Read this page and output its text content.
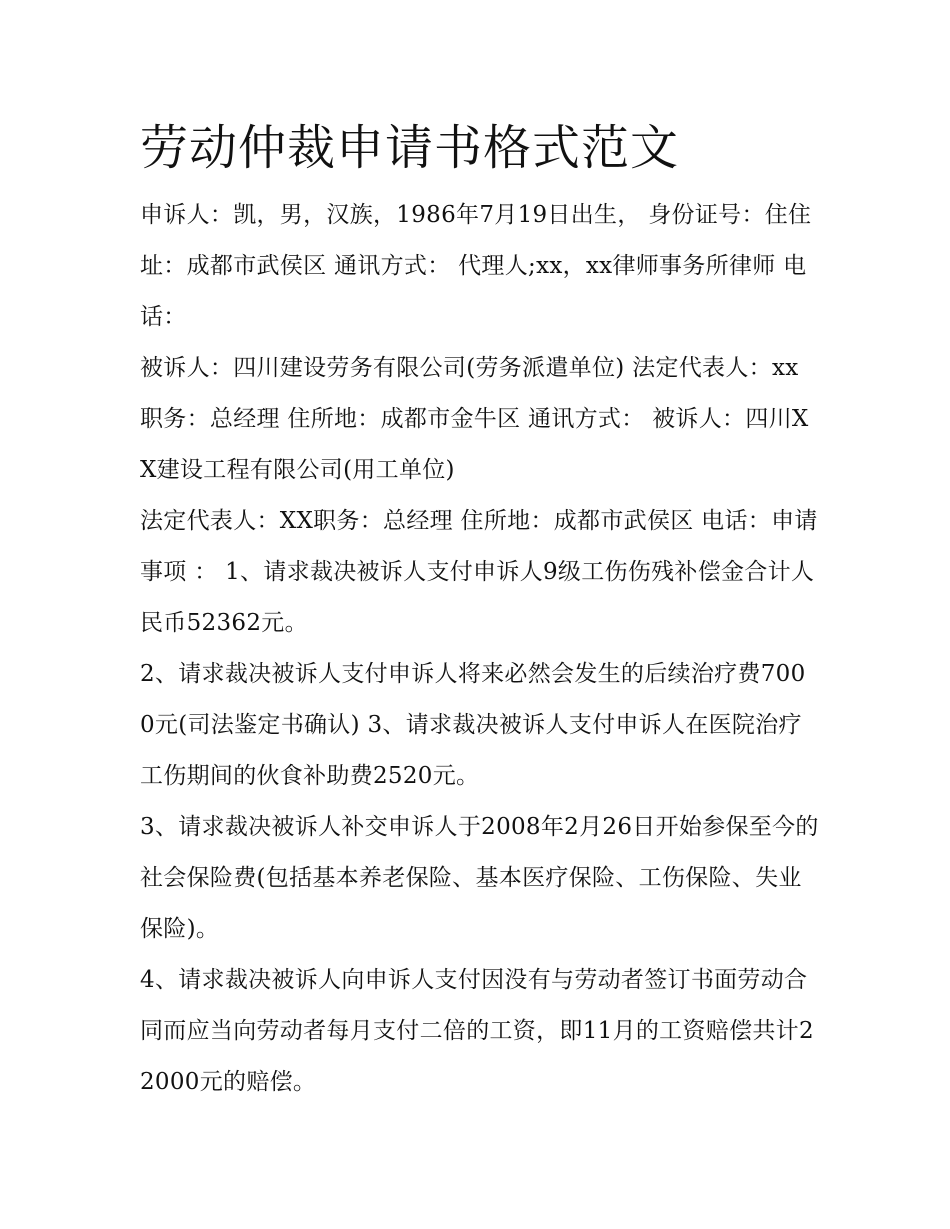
劳动仲裁申请书格式范文

申诉人：凯，男，汉族，1986年7月19日出生， 身份证号：住住址：成都市武侯区 通讯方式： 代理人;xx，xx律师事务所律师 电话：

被诉人：四川建设劳务有限公司(劳务派遣单位) 法定代表人：xx职务：总经理 住所地：成都市金牛区 通讯方式： 被诉人：四川XX建设工程有限公司(用工单位)

法定代表人：XX职务：总经理 住所地：成都市武侯区 电话：申请事项 ： 1、请求裁决被诉人支付申诉人9级工伤伤残补偿金合计人民币52362元。

2、请求裁决被诉人支付申诉人将来必然会发生的后续治疗费7000元(司法鉴定书确认) 3、请求裁决被诉人支付申诉人在医院治疗工伤期间的伙食补助费2520元。

3、请求裁决被诉人补交申诉人于2008年2月26日开始参保至今的社会保险费(包括基本养老保险、基本医疗保险、工伤保险、失业保险)。

4、请求裁决被诉人向申诉人支付因没有与劳动者签订书面劳动合同而应当向劳动者每月支付二倍的工资，即11月的工资赔偿共计22000元的赔偿。
